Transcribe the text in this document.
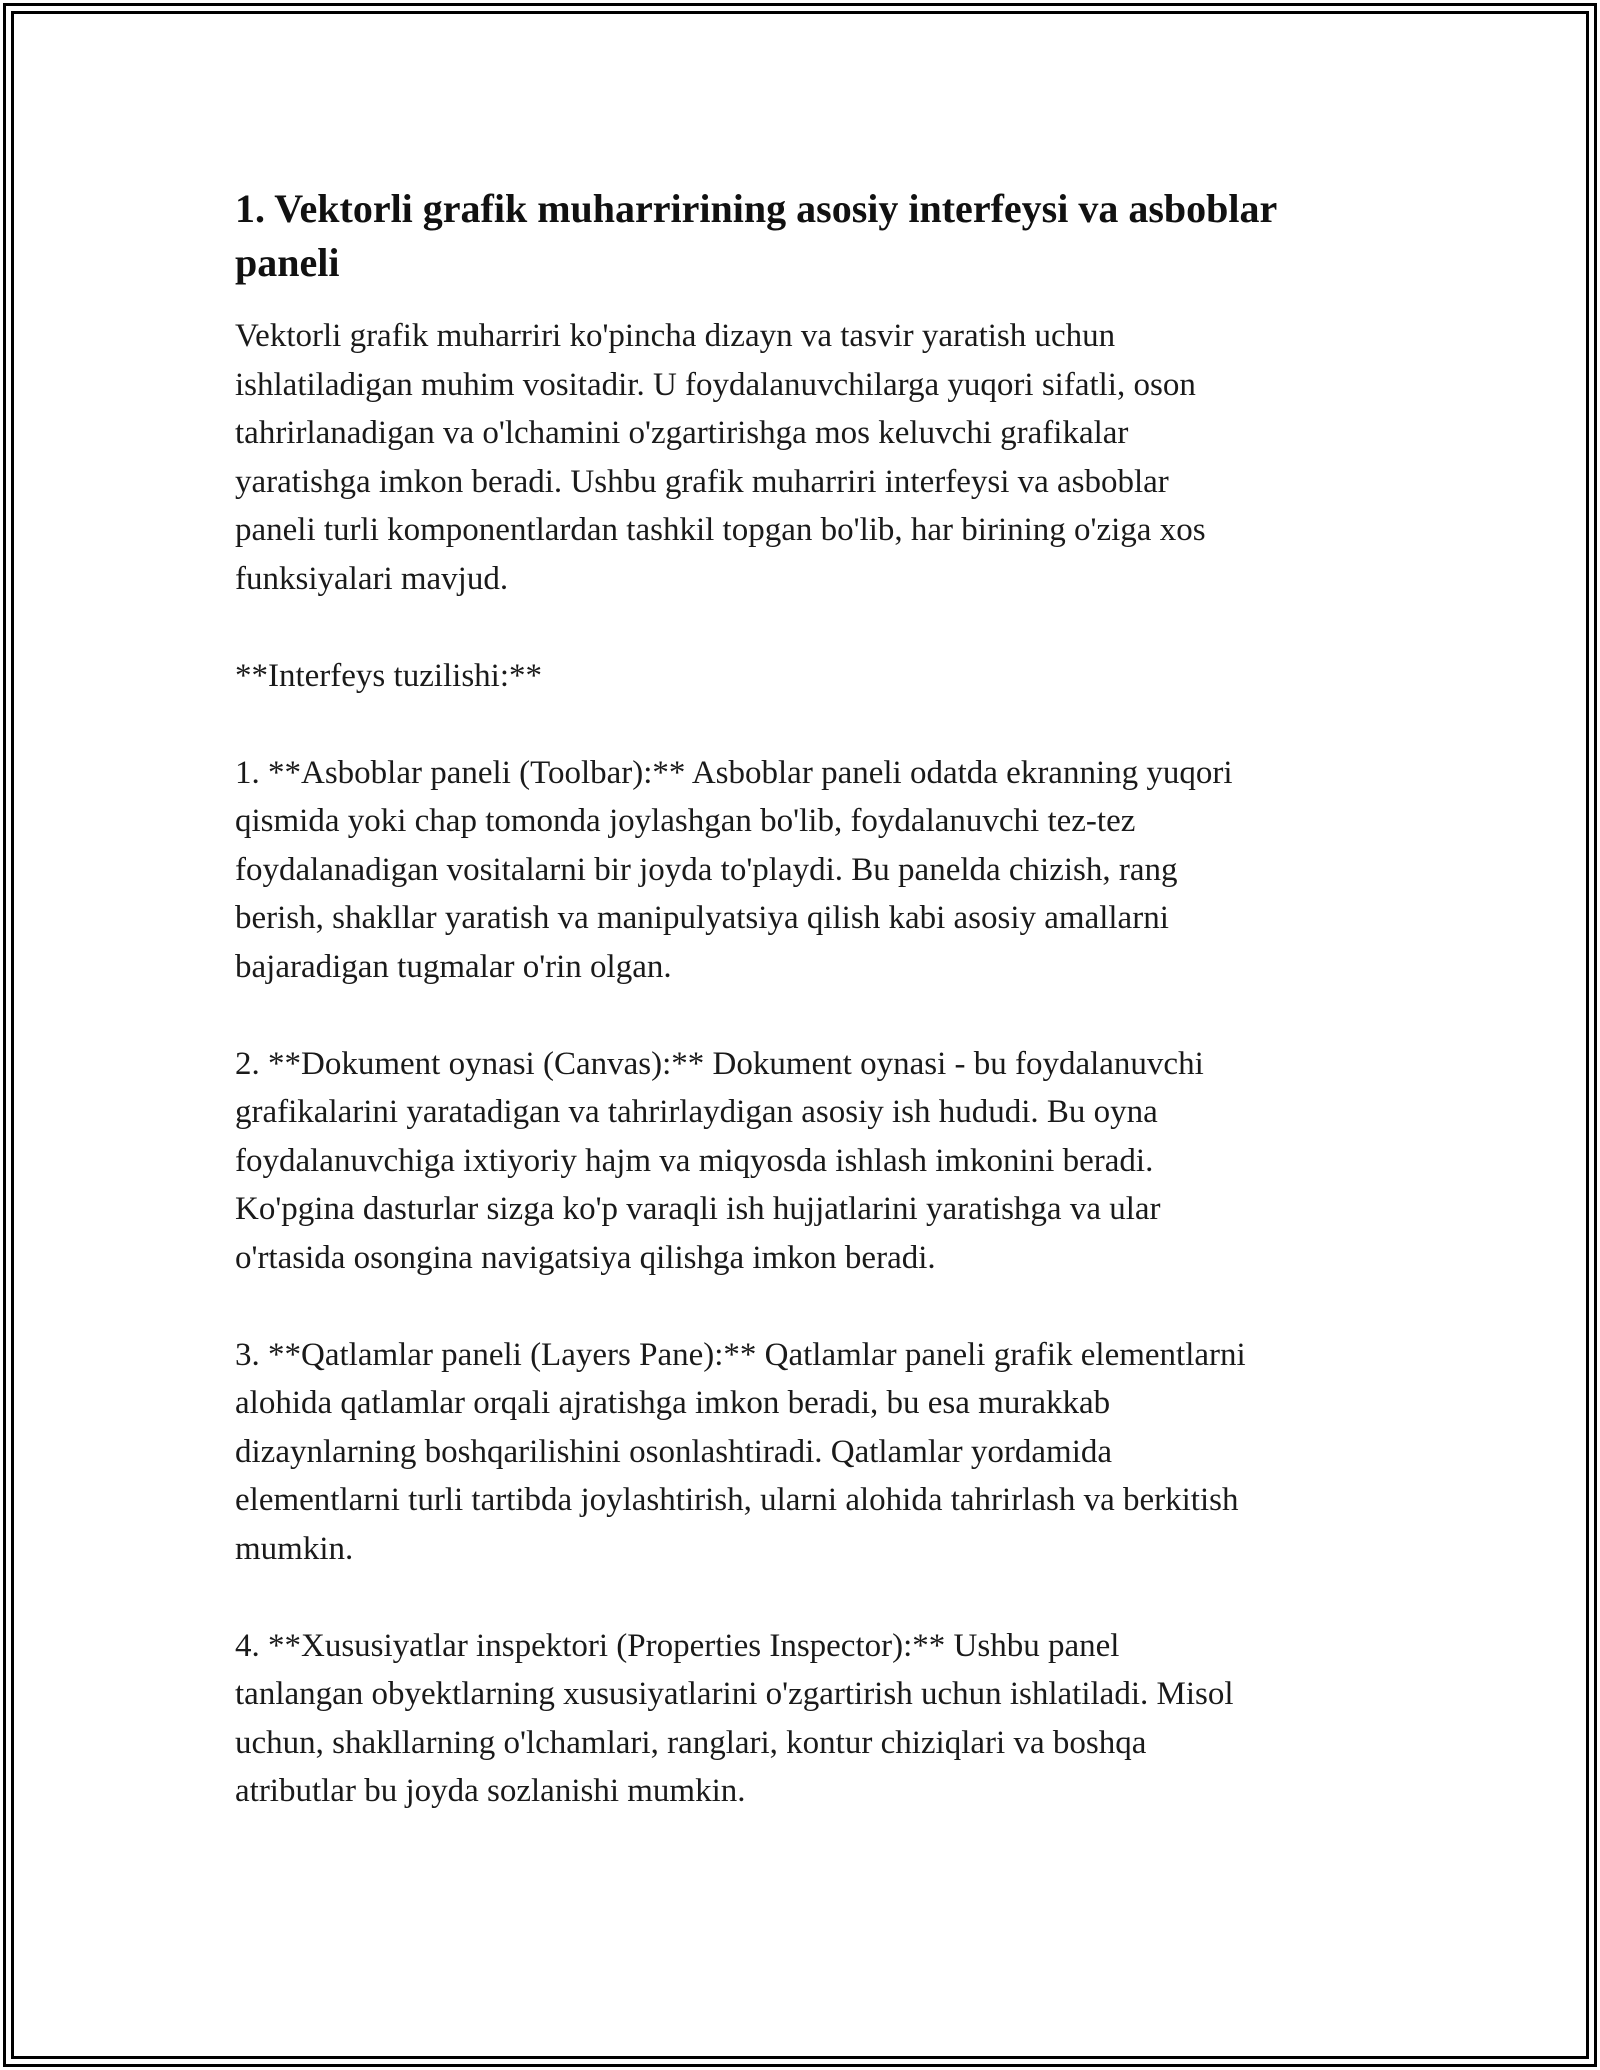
1. Vektorli grafik muharririning asosiy interfeysi va asboblar
paneli

Vektorli grafik muharriri ko'pincha dizayn va tasvir yaratish uchun
ishlatiladigan muhim vositadir. U foydalanuvchilarga yuqori sifatli, oson
tahrirlanadigan va o'lchamini o'zgartirishga mos keluvchi grafikalar
yaratishga imkon beradi. Ushbu grafik muharriri interfeysi va asboblar
paneli turli komponentlardan tashkil topgan bo'lib, har birining o'ziga xos
funksiyalari mavjud.

**Interfeys tuzilishi:**

1. **Asboblar paneli (Toolbar):** Asboblar paneli odatda ekranning yuqori
qismida yoki chap tomonda joylashgan bo'lib, foydalanuvchi tez-tez
foydalanadigan vositalarni bir joyda to'playdi. Bu panelda chizish, rang
berish, shakllar yaratish va manipulyatsiya qilish kabi asosiy amallarni
bajaradigan tugmalar o'rin olgan.

2. **Dokument oynasi (Canvas):** Dokument oynasi - bu foydalanuvchi
grafikalarini yaratadigan va tahrirlaydigan asosiy ish hududi. Bu oyna
foydalanuvchiga ixtiyoriy hajm va miqyosda ishlash imkonini beradi.
Ko'pgina dasturlar sizga ko'p varaqli ish hujjatlarini yaratishga va ular
o'rtasida osongina navigatsiya qilishga imkon beradi.

3. **Qatlamlar paneli (Layers Pane):** Qatlamlar paneli grafik elementlarni
alohida qatlamlar orqali ajratishga imkon beradi, bu esa murakkab
dizaynlarning boshqarilishini osonlashtiradi. Qatlamlar yordamida
elementlarni turli tartibda joylashtirish, ularni alohida tahrirlash va berkitish
mumkin.

4. **Xususiyatlar inspektori (Properties Inspector):** Ushbu panel
tanlangan obyektlarning xususiyatlarini o'zgartirish uchun ishlatiladi. Misol
uchun, shakllarning o'lchamlari, ranglari, kontur chiziqlari va boshqa
atributlar bu joyda sozlanishi mumkin.
